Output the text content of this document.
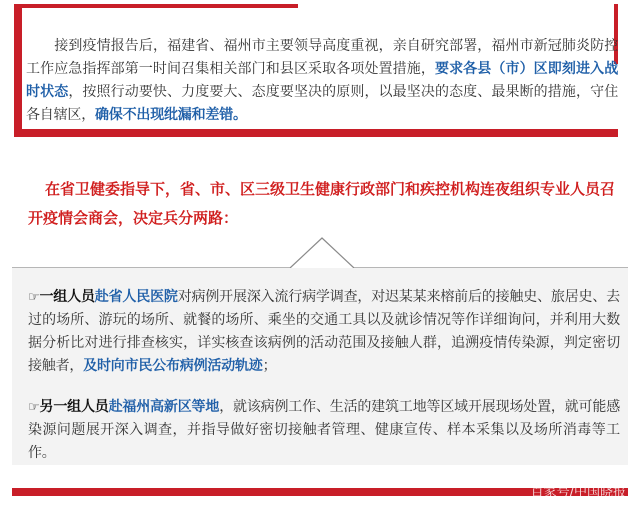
接到疫情报告后，福建省、福州市主要领导高度重视，亲自研究部署，福州市新冠肺炎防控工作应急指挥部第一时间召集相关部门和县区采取各项处置措施，要求各县（市）区即刻进入战时状态，按照行动要快、力度要大、态度要坚决的原则，以最坚决的态度、最果断的措施，守住各自辖区，确保不出现纰漏和差错。
在省卫健委指导下，省、市、区三级卫生健康行政部门和疾控机构连夜组织专业人员召开疫情会商会，决定兵分两路：
☞一组人员赴省人民医院对病例开展深入流行病学调查，对迟某某来榕前后的接触史、旅居史、去过的场所、游玩的场所、就餐的场所、乘坐的交通工具以及就诊情况等作详细询问，并利用大数据分析比对进行排查核实，详实核查该病例的活动范围及接触人群，追溯疫情传染源，判定密切接触者，及时向市民公布病例活动轨迹；
☞另一组人员赴福州高新区等地，就该病例工作、生活的建筑工地等区域开展现场处置，就可能感染源问题展开深入调查，并指导做好密切接触者管理、健康宣传、样本采集以及场所消毒等工作。
百家号/中国晓报
